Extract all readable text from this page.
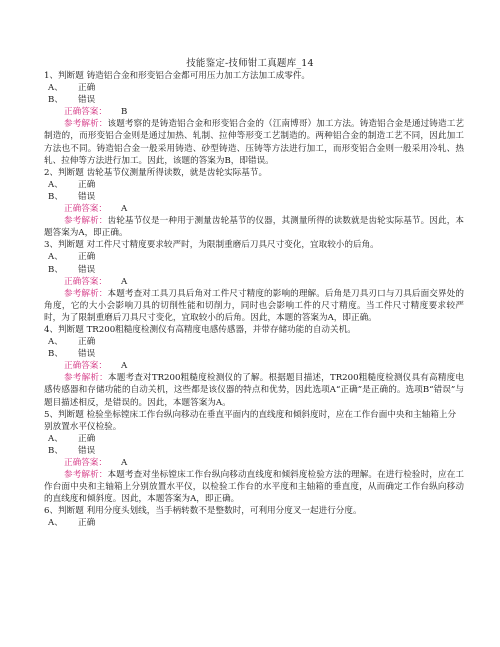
技能鉴定-技师钳工真题库_14

1、判断题 铸造铝合金和形变铝合金都可用压力加工方法加工成零件。

A、 正确

B、 错误

正确答案： B

参考解析：该题考察的是铸造铝合金和形变铝合金的（江南博哥）加工方法。铸造铝合金是通过铸造工艺制造的，而形变铝合金则是通过加热、轧制、拉伸等形变工艺制造的。两种铝合金的制造工艺不同，因此加工方法也不同。铸造铝合金一般采用铸造、砂型铸造、压铸等方法进行加工，而形变铝合金则一般采用冷轧、热轧、拉伸等方法进行加工。因此，该题的答案为B，即错误。

2、判断题 齿轮基节仪测量所得读数，就是齿轮实际基节。

A、 正确

B、 错误

正确答案： A

参考解析：齿轮基节仪是一种用于测量齿轮基节的仪器，其测量所得的读数就是齿轮实际基节。因此，本题答案为A，即正确。

3、判断题 对工件尺寸精度要求较严时，为限制重磨后刀具尺寸变化，宜取较小的后角。

A、 正确

B、 错误

正确答案： A

参考解析：本题考查对工具刀具后角对工件尺寸精度的影响的理解。后角是刀具刃口与刀具后面交界处的角度，它的大小会影响刀具的切削性能和切削力，同时也会影响工件的尺寸精度。当工件尺寸精度要求较严时，为了限制重磨后刀具尺寸变化，宜取较小的后角。因此，本题的答案为A，即正确。

4、判断题 TR200粗糙度检测仪有高精度电感传感器，并带存储功能的自动关机。

A、 正确

B、 错误

正确答案： A

参考解析：本题考查对TR200粗糙度检测仪的了解。根据题目描述，TR200粗糙度检测仪具有高精度电感传感器和存储功能的自动关机，这些都是该仪器的特点和优势，因此选项A“正确”是正确的。选项B“错误”与题目描述相反，是错误的。因此，本题答案为A。

5、判断题 检验坐标镗床工作台纵向移动在垂直平面内的直线度和倾斜度时，应在工作台面中央和主轴箱上分别放置水平仪检验。

A、 正确

B、 错误

正确答案： A

参考解析：本题考查对坐标镗床工作台纵向移动直线度和倾斜度检验方法的理解。在进行检验时，应在工作台面中央和主轴箱上分别放置水平仪，以检验工作台的水平度和主轴箱的垂直度，从而确定工作台纵向移动的直线度和倾斜度。因此，本题答案为A，即正确。

6、判断题 利用分度头划线，当手柄转数不是整数时，可利用分度叉一起进行分度。

A、 正确
